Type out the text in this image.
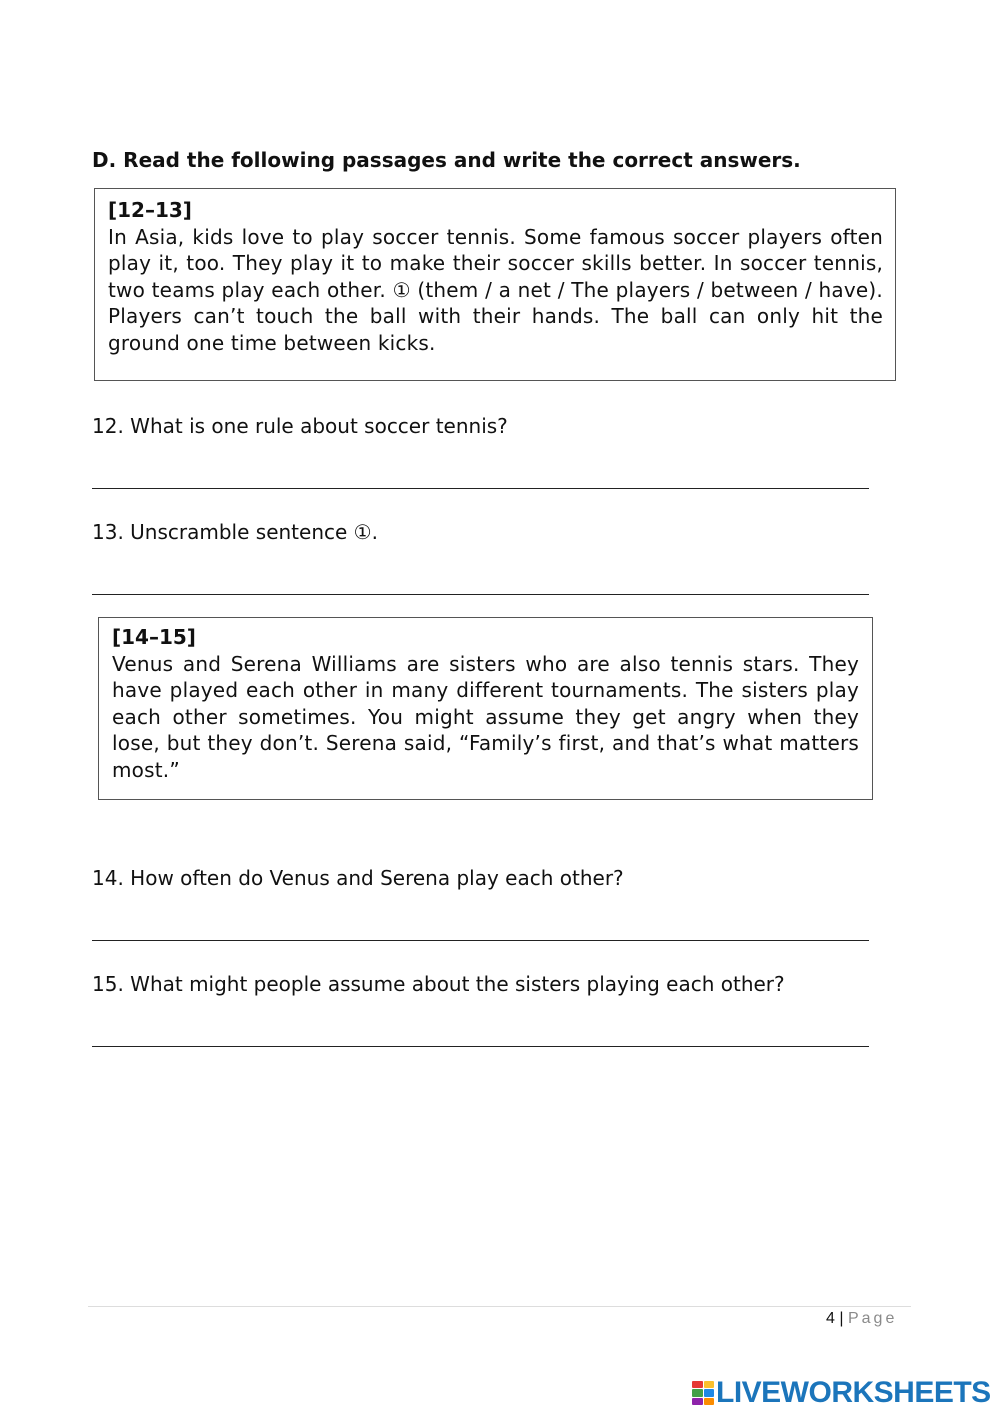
D. Read the following passages and write the correct answers.
[12–13]
In Asia, kids love to play soccer tennis. Some famous soccer players often play it, too. They play it to make their soccer skills better. In soccer tennis, two teams play each other. ① (them / a net / The players / between / have). Players can’t touch the ball with their hands. The ball can only hit the ground one time between kicks.
12. What is one rule about soccer tennis?
13. Unscramble sentence ①.
[14–15]
Venus and Serena Williams are sisters who are also tennis stars. They have played each other in many different tournaments. The sisters play each other sometimes. You might assume they get angry when they lose, but they don’t. Serena said, “Family’s first, and that’s what matters most.”
14. How often do Venus and Serena play each other?
15. What might people assume about the sisters playing each other?
4 | Page
LIVEWORKSHEETS
